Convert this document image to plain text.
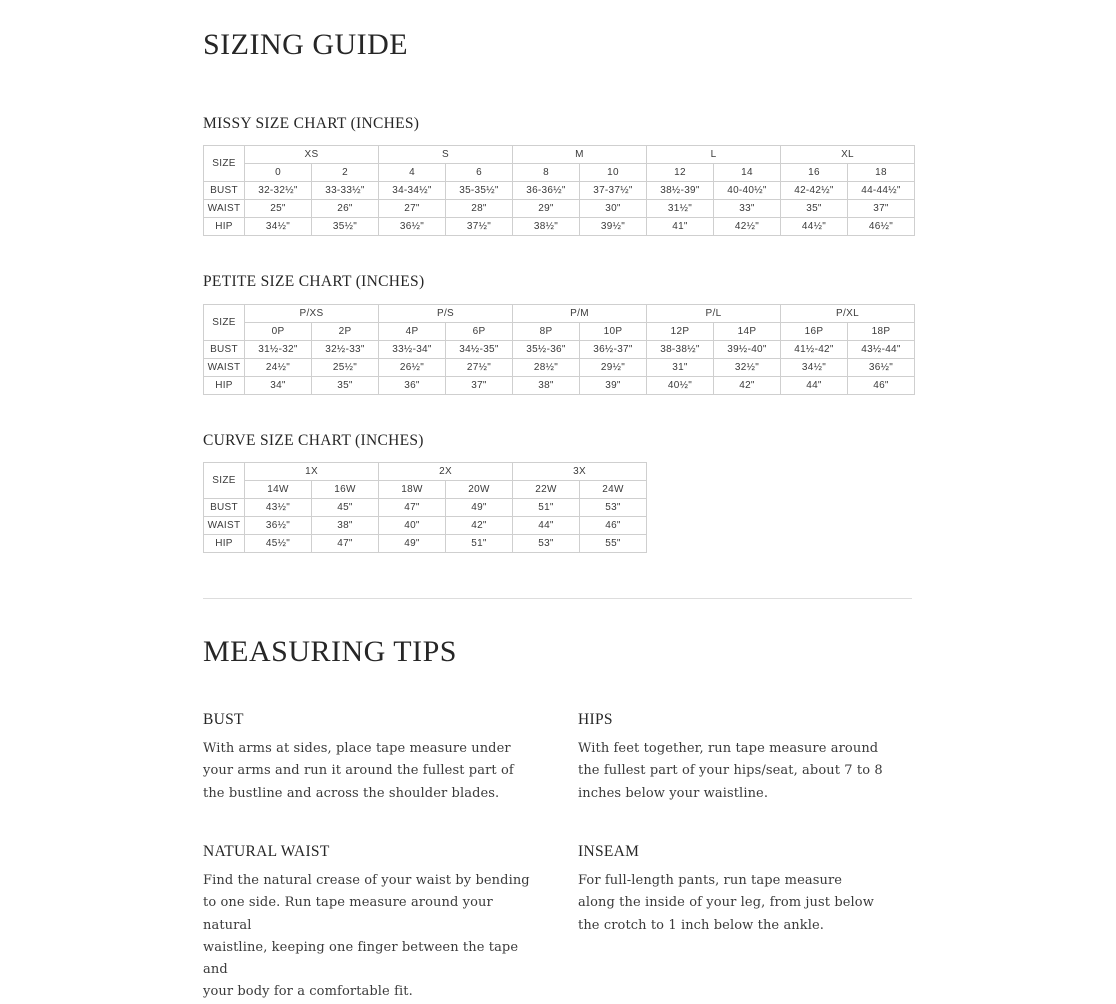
SIZING GUIDE
MISSY SIZE CHART (INCHES)
SIZE	XS		S		M		L		XL	
	0	2	4	6	8	10	12	14	16	18
BUST	32-32½"	33-33½"	34-34½"	35-35½"	36-36½"	37-37½"	38½-39"	40-40½"	42-42½"	44-44½"
WAIST	25"	26"	27"	28"	29"	30"	31½"	33"	35"	37"
HIP	34½"	35½"	36½"	37½"	38½"	39½"	41"	42½"	44½"	46½"
PETITE SIZE CHART (INCHES)
SIZE	P/XS		P/S		P/M		P/L		P/XL	
	0P	2P	4P	6P	8P	10P	12P	14P	16P	18P
BUST	31½-32"	32½-33"	33½-34"	34½-35"	35½-36"	36½-37"	38-38½"	39½-40"	41½-42"	43½-44"
WAIST	24½"	25½"	26½"	27½"	28½"	29½"	31"	32½"	34½"	36½"
HIP	34"	35"	36"	37"	38"	39"	40½"	42"	44"	46"
CURVE SIZE CHART (INCHES)
SIZE	1X		2X		3X	
	14W	16W	18W	20W	22W	24W
BUST	43½"	45"	47"	49"	51"	53"
WAIST	36½"	38"	40"	42"	44"	46"
HIP	45½"	47"	49"	51"	53"	55"
MEASURING TIPS
BUST

With arms at sides, place tape measure under
your arms and run it around the fullest part of
the bustline and across the shoulder blades.

HIPS

With feet together, run tape measure around
the fullest part of your hips/seat, about 7 to 8
inches below your waistline.

NATURAL WAIST

Find the natural crease of your waist by bending
to one side. Run tape measure around your natural
waistline, keeping one finger between the tape and
your body for a comfortable fit.

INSEAM

For full-length pants, run tape measure
along the inside of your leg, from just below
the crotch to 1 inch below the ankle.
